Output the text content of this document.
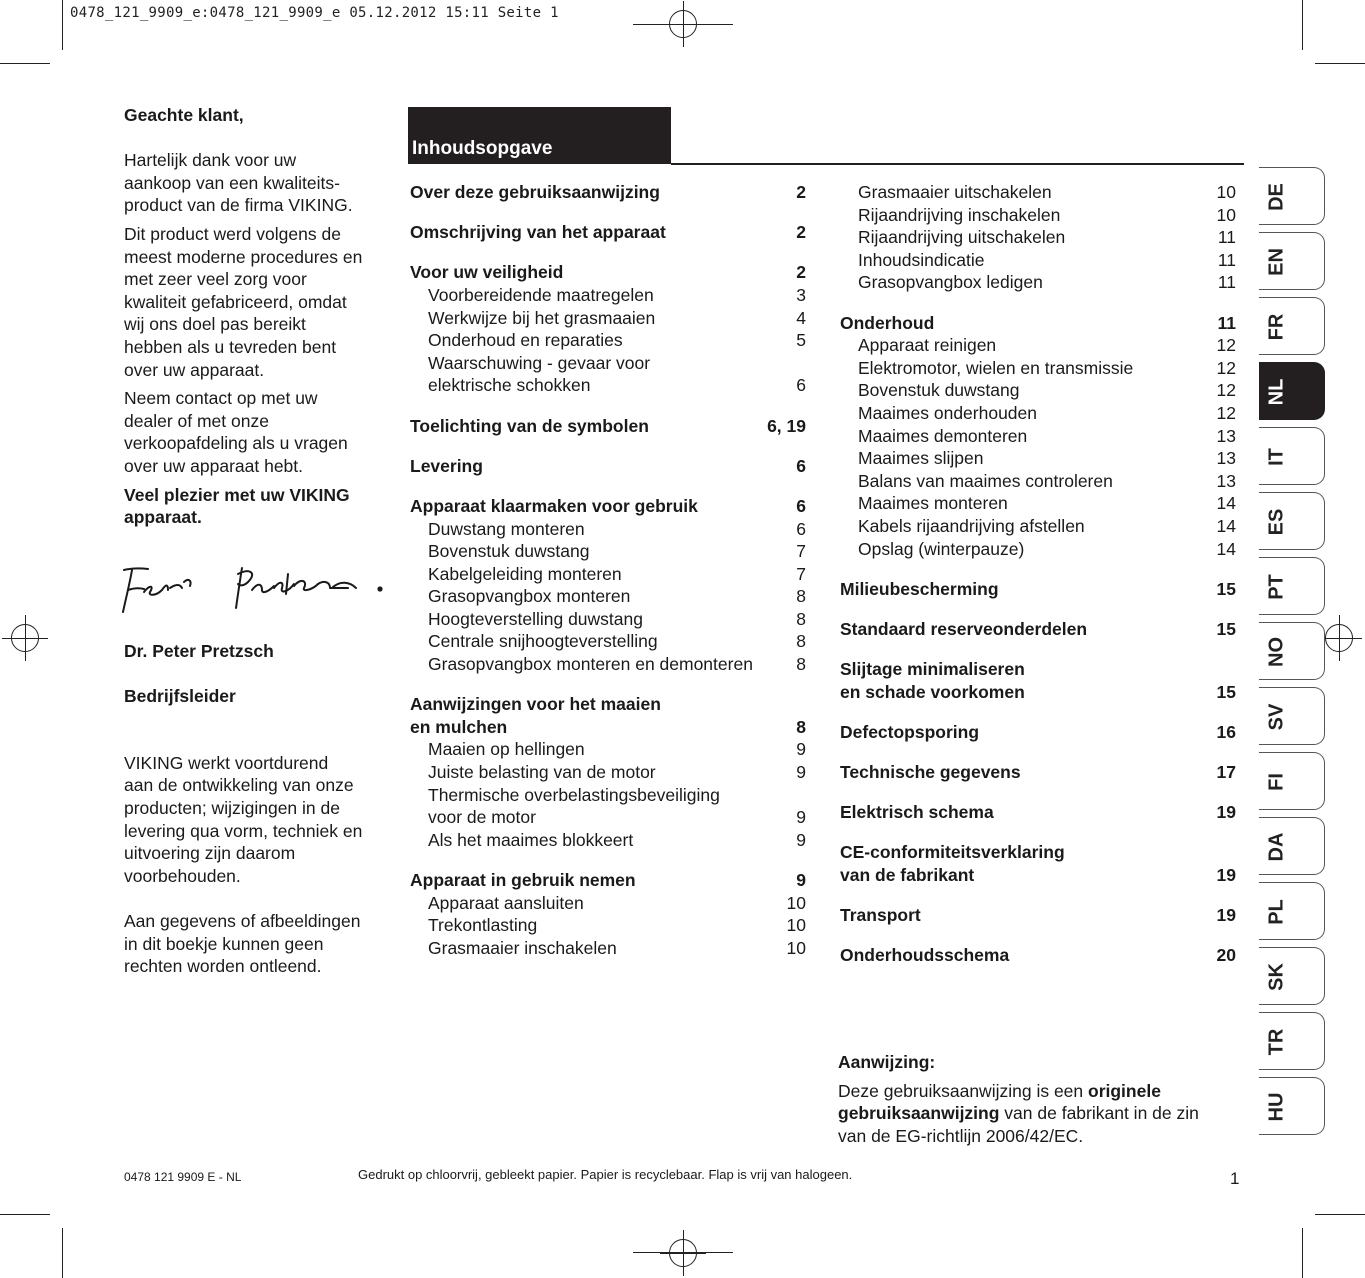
0478_121_9909_e:0478_121_9909_e 05.12.2012 15:11 Seite 1

Geachte klant,

Hartelijk dank voor uw
aankoop van een kwaliteits-
product van de firma VIKING.

Dit product werd volgens de
meest moderne procedures en
met zeer veel zorg voor
kwaliteit gefabriceerd, omdat
wij ons doel pas bereikt
hebben als u tevreden bent
over uw apparaat.

Neem contact op met uw
dealer of met onze
verkoopafdeling als u vragen
over uw apparaat hebt.

Veel plezier met uw VIKING
apparaat.

Dr. Peter Pretzsch

Bedrijfsleider

VIKING werkt voortdurend
aan de ontwikkeling van onze
producten; wijzigingen in de
levering qua vorm, techniek en
uitvoering zijn daarom
voorbehouden.

Aan gegevens of afbeeldingen
in dit boekje kunnen geen
rechten worden ontleend.

Inhoudsopgave
Over deze gebruiksaanwijzing	2
Omschrijving van het apparaat	2
Voor uw veiligheid	2
Voorbereidende maatregelen	3
Werkwijze bij het grasmaaien	4
Onderhoud en reparaties	5
Waarschuwing - gevaar voor
elektrische schokken	6
Toelichting van de symbolen	6, 19
Levering	6
Apparaat klaarmaken voor gebruik	6
Duwstang monteren	6
Bovenstuk duwstang	7
Kabelgeleiding monteren	7
Grasopvangbox monteren	8
Hoogteverstelling duwstang	8
Centrale snijhoogteverstelling	8
Grasopvangbox monteren en demonteren 8
Aanwijzingen voor het maaien
en mulchen	8
Maaien op hellingen	9
Juiste belasting van de motor	9
Thermische overbelastingsbeveiliging
voor de motor	9
Als het maaimes blokkeert	9
Apparaat in gebruik nemen	9
Apparaat aansluiten	10
Trekontlasting	10
Grasmaaier inschakelen	10
Grasmaaier uitschakelen	10
Rijaandrijving inschakelen	10
Rijaandrijving uitschakelen	11
Inhoudsindicatie	11
Grasopvangbox ledigen	11
Onderhoud	11
Apparaat reinigen	12
Elektromotor, wielen en transmissie	12
Bovenstuk duwstang	12
Maaimes onderhouden	12
Maaimes demonteren	13
Maaimes slijpen	13
Balans van maaimes controleren	13
Maaimes monteren	14
Kabels rijaandrijving afstellen	14
Opslag (winterpauze)	14
Milieubescherming	15
Standaard reserveonderdelen	15
Slijtage minimaliseren
en schade voorkomen	15
Defectopsporing	16
Technische gegevens	17
Elektrisch schema	19
CE-conformiteitsverklaring
van de fabrikant	19
Transport	19
Onderhoudsschema	20

Aanwijzing:

Deze gebruiksaanwijzing is een originele
gebruiksaanwijzing van de fabrikant in de zin
van de EG-richtlijn 2006/42/EC.

0478 121 9909 E - NL	Gedrukt op chloorvrij, gebleekt papier. Papier is recyclebaar. Flap is vrij van halogeen.	1
DE
EN
FR
NL
IT
ES
PT
NO
SV
FI
DA
PL
SK
TR
HU
